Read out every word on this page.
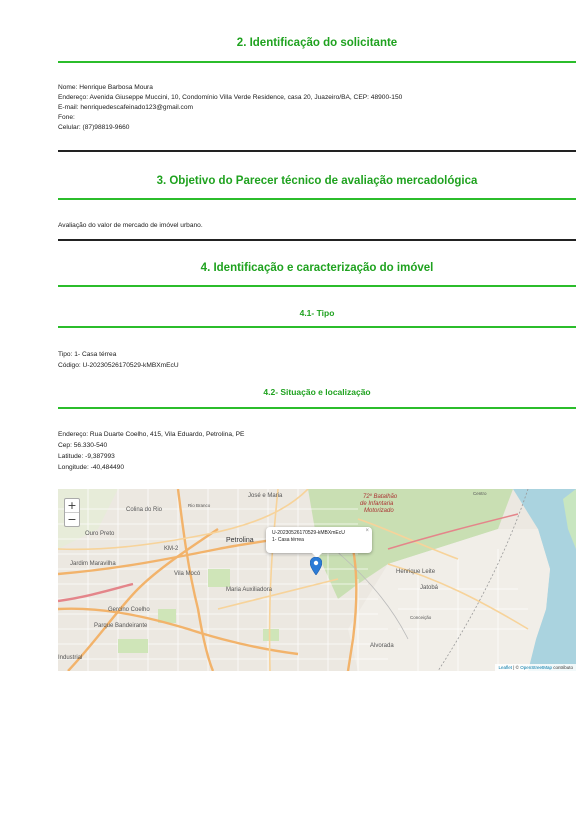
2. Identificação do solicitante
Nome: Henrique Barbosa Moura
Endereço: Avenida Giuseppe Muccini, 10, Condomínio Villa Verde Residence, casa 20, Juazeiro/BA, CEP: 48900-150
E-mail: henriquedescafeinado123@gmail.com
Fone:
Celular: (87)98819-9660
3. Objetivo do Parecer técnico de avaliação mercadológica
Avaliação do valor de mercado de imóvel urbano.
4. Identificação e caracterização do imóvel
4.1- Tipo
Tipo: 1- Casa térrea
Código: U-20230526170529-kMBXmEcU
4.2- Situação e localização
Endereço: Rua Duarte Coelho, 415, Vila Eduardo, Petrolina, PE
Cep: 56.330-540
Latitude: -9,387993
Longitude: -40,484490
Colina do Rio
Ouro Preto
KM-2
Petrolina
Jardim Maravilha
Vila Mocó
Maria Auxiliadora
Gercino Coelho
Parque Bandeirante
Henrique Leite
Jatobá
Alvorada
Industrial
José e Maria	Centro
Rio Branco
Conceição
72º Batalhão
de Infantaria
Motorizado
+
−
×
U-20230526170529-kMBXmEcU
1- Casa térrea
Leaflet | © OpenStreetMap contributo
